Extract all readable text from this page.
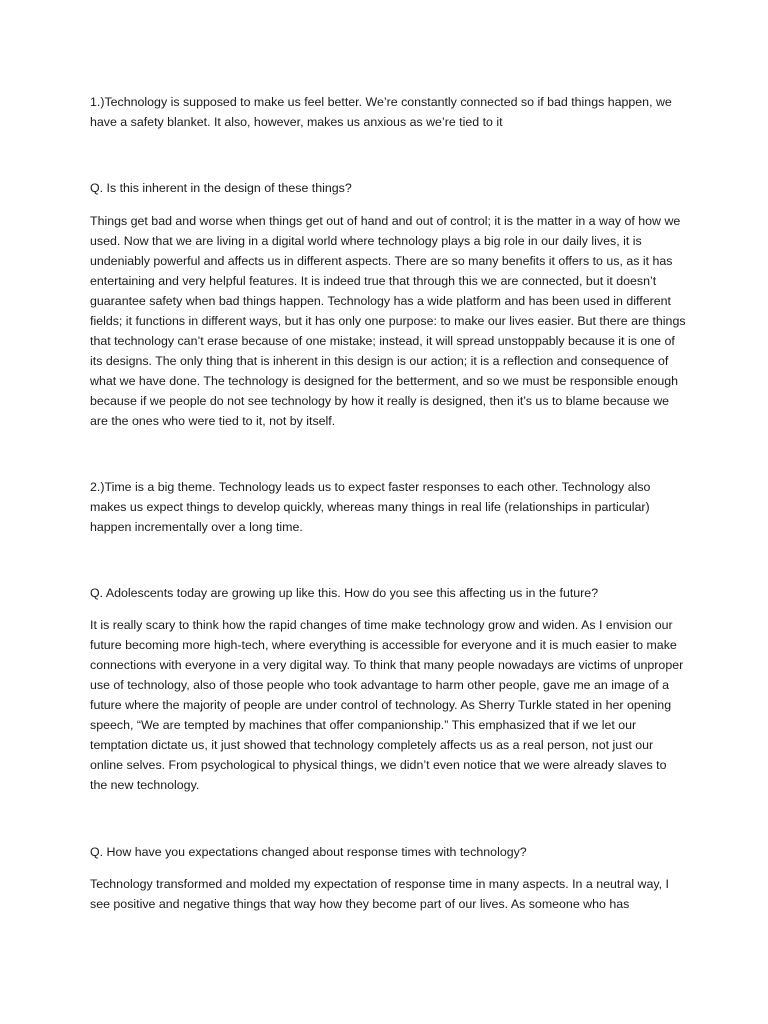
1.)Technology is supposed to make us feel better. We’re constantly connected so if bad things happen, we have a safety blanket. It also, however, makes us anxious as we’re tied to it

Q. Is this inherent in the design of these things?

Things get bad and worse when things get out of hand and out of control; it is the matter in a way of how we used. Now that we are living in a digital world where technology plays a big role in our daily lives, it is undeniably powerful and affects us in different aspects. There are so many benefits it offers to us, as it has entertaining and very helpful features. It is indeed true that through this we are connected, but it doesn’t guarantee safety when bad things happen. Technology has a wide platform and has been used in different fields; it functions in different ways, but it has only one purpose: to make our lives easier. But there are things that technology can’t erase because of one mistake; instead, it will spread unstoppably because it is one of its designs. The only thing that is inherent in this design is our action; it is a reflection and consequence of what we have done. The technology is designed for the betterment, and so we must be responsible enough because if we people do not see technology by how it really is designed, then it’s us to blame because we are the ones who were tied to it, not by itself.

2.)Time is a big theme. Technology leads us to expect faster responses to each other. Technology also makes us expect things to develop quickly, whereas many things in real life (relationships in particular) happen incrementally over a long time.

Q. Adolescents today are growing up like this. How do you see this affecting us in the future?

It is really scary to think how the rapid changes of time make technology grow and widen. As I envision our future becoming more high-tech, where everything is accessible for everyone and it is much easier to make connections with everyone in a very digital way. To think that many people nowadays are victims of unproper use of technology, also of those people who took advantage to harm other people, gave me an image of a future where the majority of people are under control of technology. As Sherry Turkle stated in her opening speech, “We are tempted by machines that offer companionship.” This emphasized that if we let our temptation dictate us, it just showed that technology completely affects us as a real person, not just our online selves. From psychological to physical things, we didn’t even notice that we were already slaves to the new technology.

Q. How have you expectations changed about response times with technology?

Technology transformed and molded my expectation of response time in many aspects. In a neutral way, I see positive and negative things that way how they become part of our lives. As someone who has
